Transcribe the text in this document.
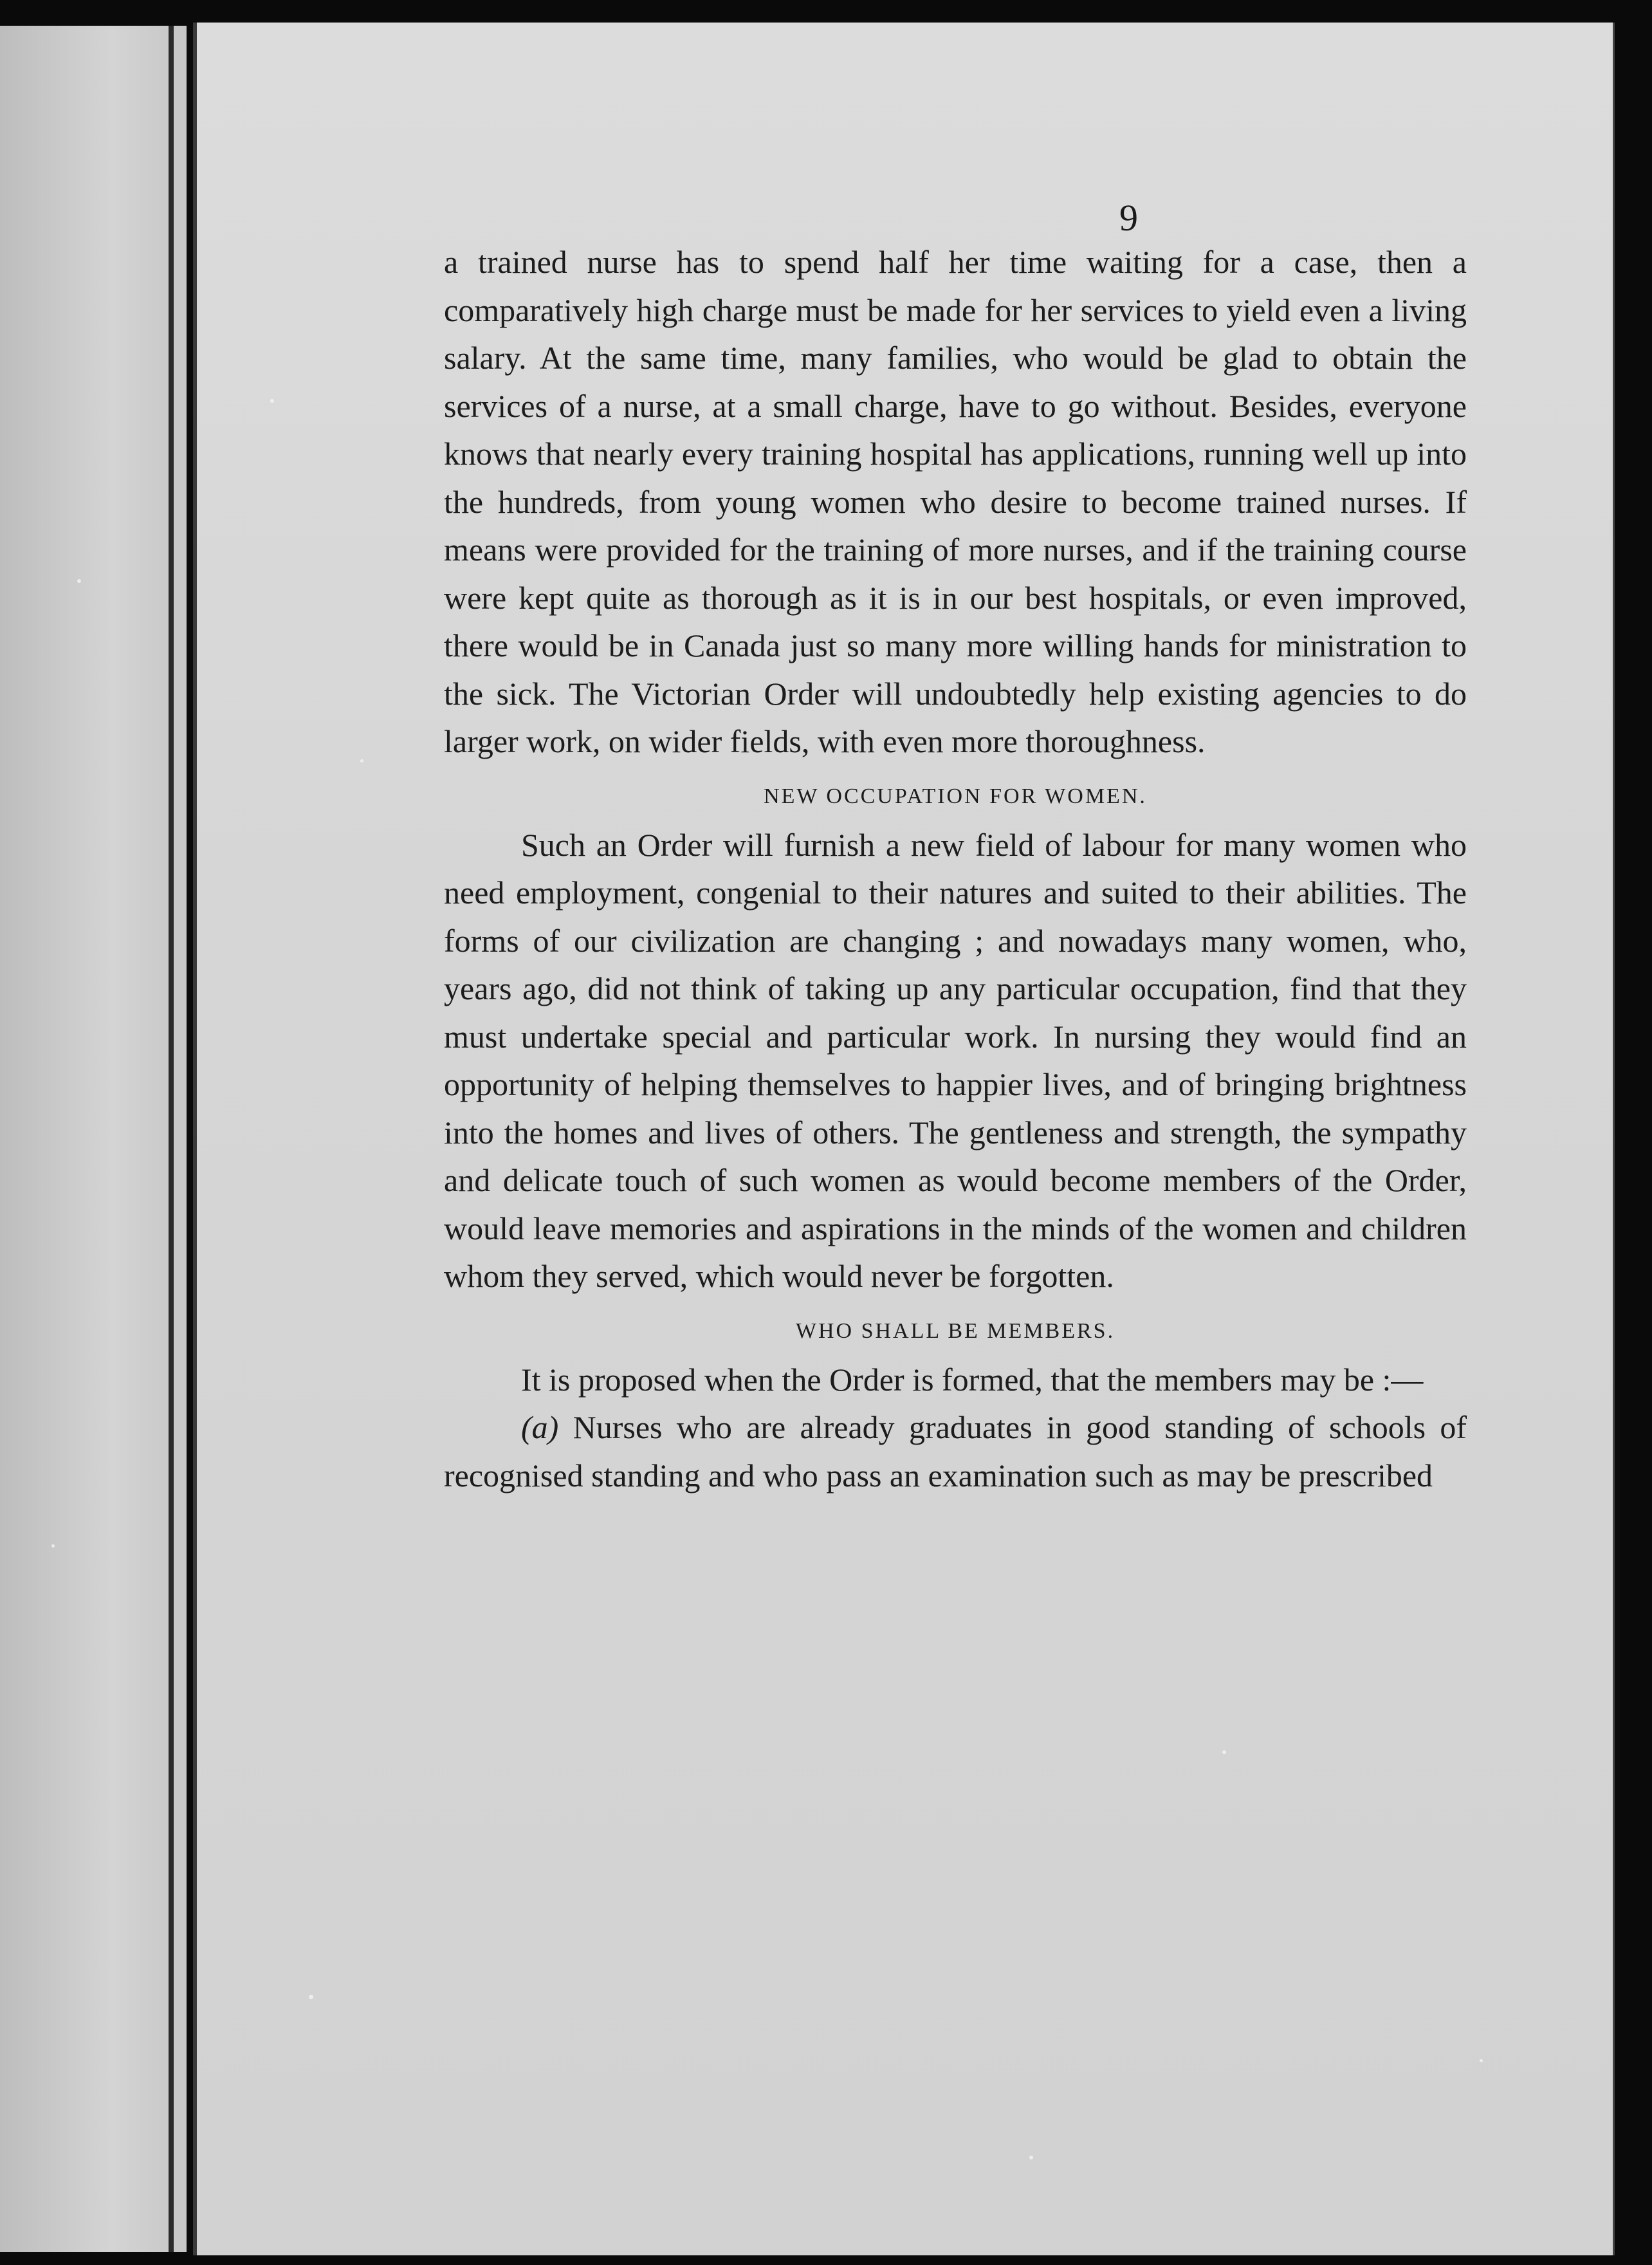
9

a trained nurse has to spend half her time waiting for a case, then a comparatively high charge must be made for her services to yield even a living salary. At the same time, many families, who would be glad to obtain the services of a nurse, at a small charge, have to go without. Besides, everyone knows that nearly every training hospital has applications, running well up into the hundreds, from young women who desire to become trained nurses. If means were provided for the training of more nurses, and if the training course were kept quite as thorough as it is in our best hospitals, or even improved, there would be in Canada just so many more willing hands for ministration to the sick. The Victorian Order will undoubtedly help existing agencies to do larger work, on wider fields, with even more thoroughness.

NEW OCCUPATION FOR WOMEN.

Such an Order will furnish a new field of labour for many women who need employment, congenial to their natures and suited to their abilities. The forms of our civilization are changing ; and nowadays many women, who, years ago, did not think of taking up any particular occupation, find that they must undertake special and particular work. In nursing they would find an opportunity of helping themselves to happier lives, and of bringing brightness into the homes and lives of others. The gentleness and strength, the sympathy and delicate touch of such women as would become members of the Order, would leave memories and aspirations in the minds of the women and children whom they served, which would never be forgotten.

WHO SHALL BE MEMBERS.

It is proposed when the Order is formed, that the members may be :—

(a) Nurses who are already graduates in good standing of schools of recognised standing and who pass an examination such as may be prescribed
